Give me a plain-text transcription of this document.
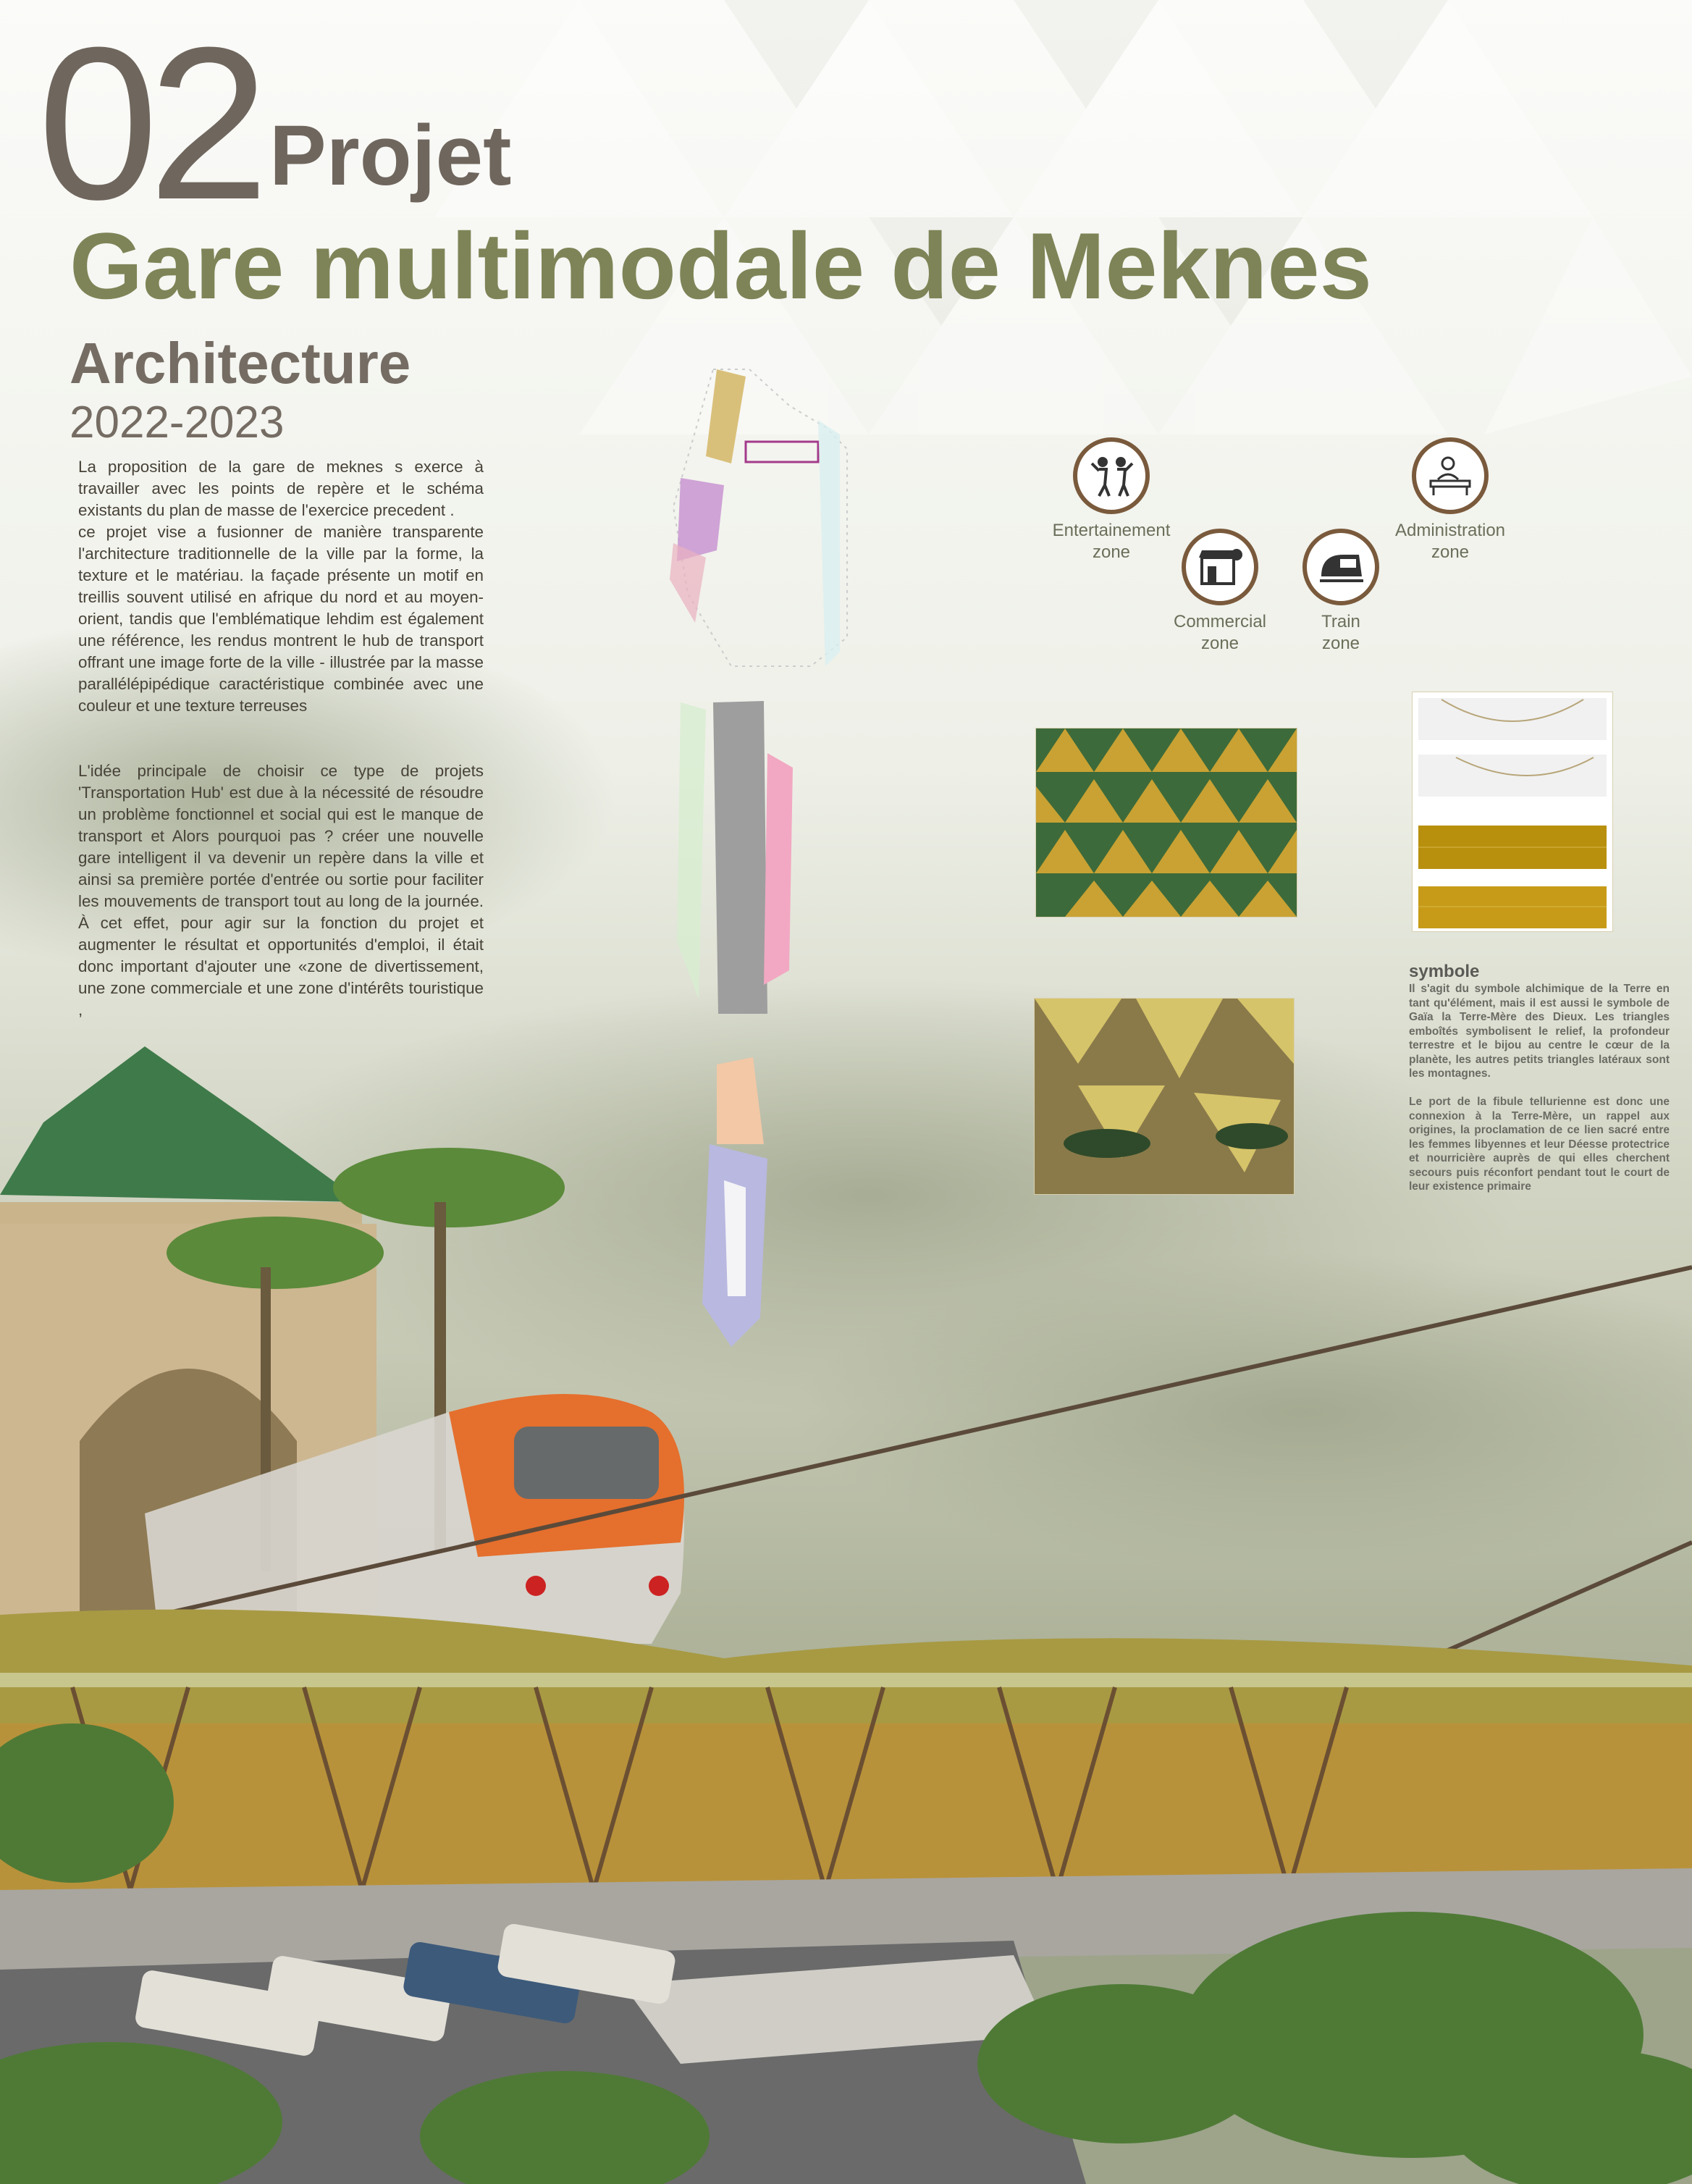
02 Projet
Gare multimodale de Meknes
Architecture
2022-2023
La proposition de la gare de meknes s exerce à travailler avec les points de repère et le schéma existants du plan de masse de l'exercice precedent .
ce projet vise a fusionner de manière transparente l'architecture traditionnelle de la ville par la forme, la texture et le matériau. la façade présente un motif en treillis souvent utilisé en afrique du nord et au moyen-orient, tandis que l'emblématique lehdim est également une référence, les rendus montrent le hub de transport offrant une image forte de la ville - illustrée par la masse parallélépipédique caractéristique combinée avec une couleur et une texture terreuses
L'idée principale de choisir ce type de projets 'Transportation Hub' est due à la nécessité de résoudre un problème fonctionnel et social qui est le manque de transport et Alors pourquoi pas ? créer une nouvelle gare intelligent il va devenir un repère dans la ville et ainsi sa première portée d'entrée ou sortie pour faciliter les mouvements de transport tout au long de la journée. À cet effet, pour agir sur la fonction du projet et augmenter le résultat et opportunités d'emploi, il était donc important d'ajouter une «zone de divertissement, une zone commerciale et une zone d'intérêts touristique ,
Entertainement
zone
Commercial
zone
Train
zone
Administration
zone
symbole
Il s'agit du symbole alchimique de la Terre en tant qu'élément, mais il est aussi le symbole de Gaïa la Terre-Mère des Dieux. Les triangles emboîtés symbolisent le relief, la profondeur terrestre et le bijou au centre le cœur de la planète, les autres petits triangles latéraux sont les montagnes.

Le port de la fibule tellurienne est donc une connexion à la Terre-Mère, un rappel aux origines, la proclamation de ce lien sacré entre les femmes libyennes et leur Déesse protectrice et nourricière auprès de qui elles cherchent secours puis réconfort pendant tout le court de leur existence primaire
